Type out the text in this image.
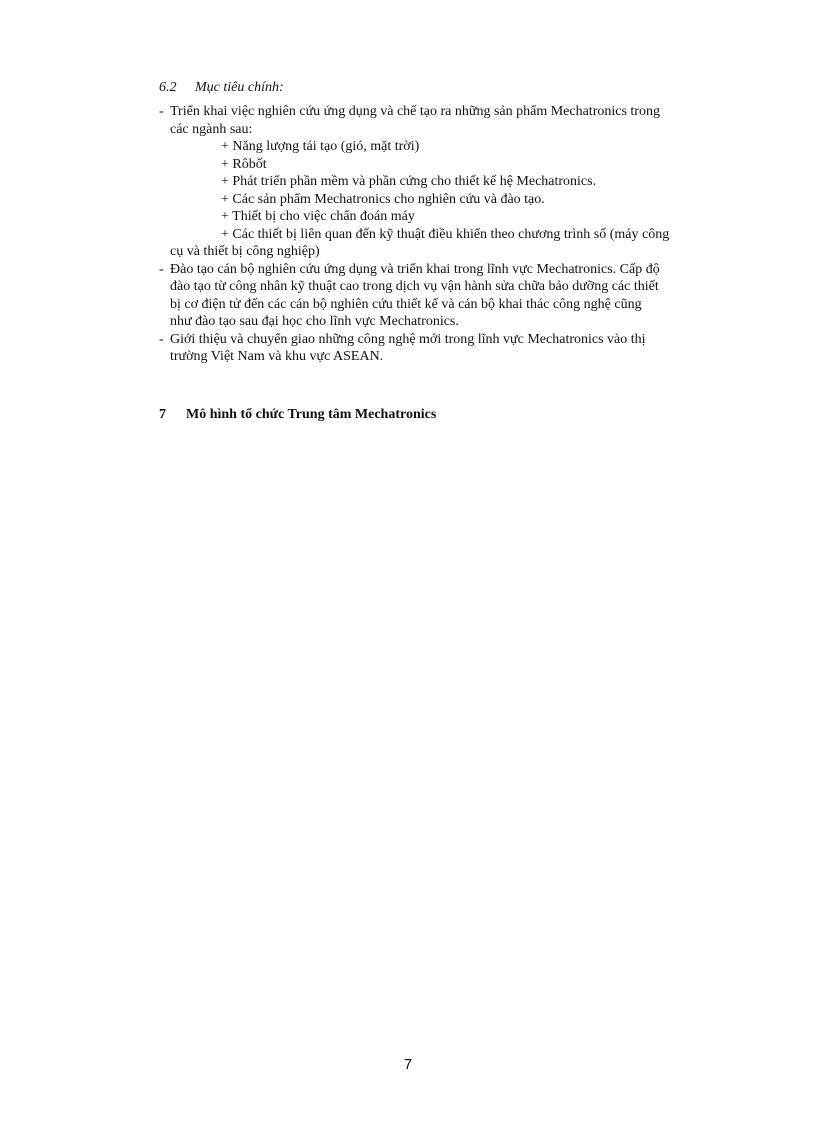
6.2 Mục tiêu chính:
- Triển khai việc nghiên cứu ứng dụng và chế tạo ra những sản phẩm Mechatronics trong
các ngành sau:
+ Năng lượng tái tạo (gió, mặt trời)
+ Rôbốt
+ Phát triển phần mềm và phần cứng cho thiết kế hệ Mechatronics.
+ Các sản phẩm Mechatronics cho nghiên cứu và đào tạo.
+ Thiết bị cho việc chẩn đoán máy
+ Các thiết bị liên quan đến kỹ thuật điều khiển theo chương trình số (máy công
cụ và thiết bị công nghiệp)
- Đào tạo cán bộ nghiên cứu ứng dụng và triển khai trong lĩnh vực Mechatronics. Cấp độ
đào tạo từ công nhân kỹ thuật cao trong dịch vụ vận hành sửa chữa bảo dưỡng các thiết
bị cơ điện tử đến các cán bộ nghiên cứu thiết kế và cán bộ khai thác công nghệ cũng
như đào tạo sau đại học cho lĩnh vực Mechatronics.
- Giới thiệu và chuyển giao những công nghệ mới trong lĩnh vực Mechatronics vào thị
trường Việt Nam và khu vực ASEAN.
7 Mô hình tổ chức Trung tâm Mechatronics
7
